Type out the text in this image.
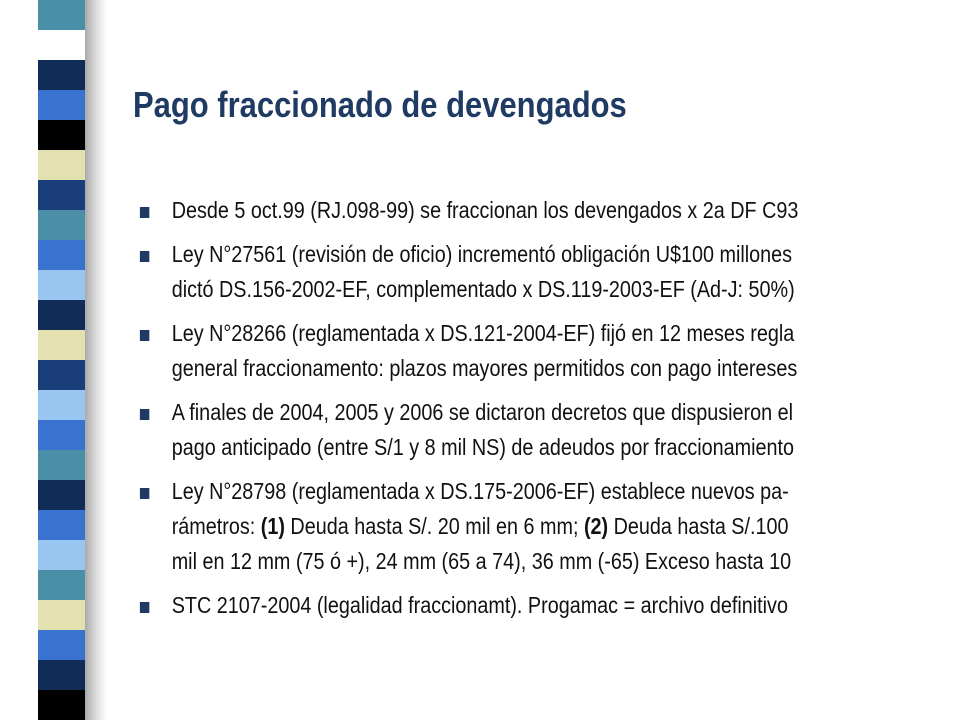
Pago fraccionado de devengados
Desde 5 oct.99 (RJ.098-99) se fraccionan los devengados x 2a DF C93
Ley N°27561 (revisión de oficio) incrementó obligación U$100 millones
dictó DS.156-2002-EF, complementado x DS.119-2003-EF (Ad-J: 50%)
Ley N°28266 (reglamentada x DS.121-2004-EF) fijó en 12 meses regla
general fraccionamento: plazos mayores permitidos con pago intereses
A finales de 2004, 2005 y 2006 se dictaron decretos que dispusieron el
pago anticipado (entre S/1 y 8 mil NS) de adeudos por fraccionamiento
Ley N°28798 (reglamentada x DS.175-2006-EF) establece nuevos pa-
rámetros: (1) Deuda hasta S/. 20 mil en 6 mm; (2) Deuda hasta S/.100
mil en 12 mm (75 ó +), 24 mm (65 a 74), 36 mm (-65) Exceso hasta 10
STC 2107-2004 (legalidad fraccionamt). Progamac = archivo definitivo
